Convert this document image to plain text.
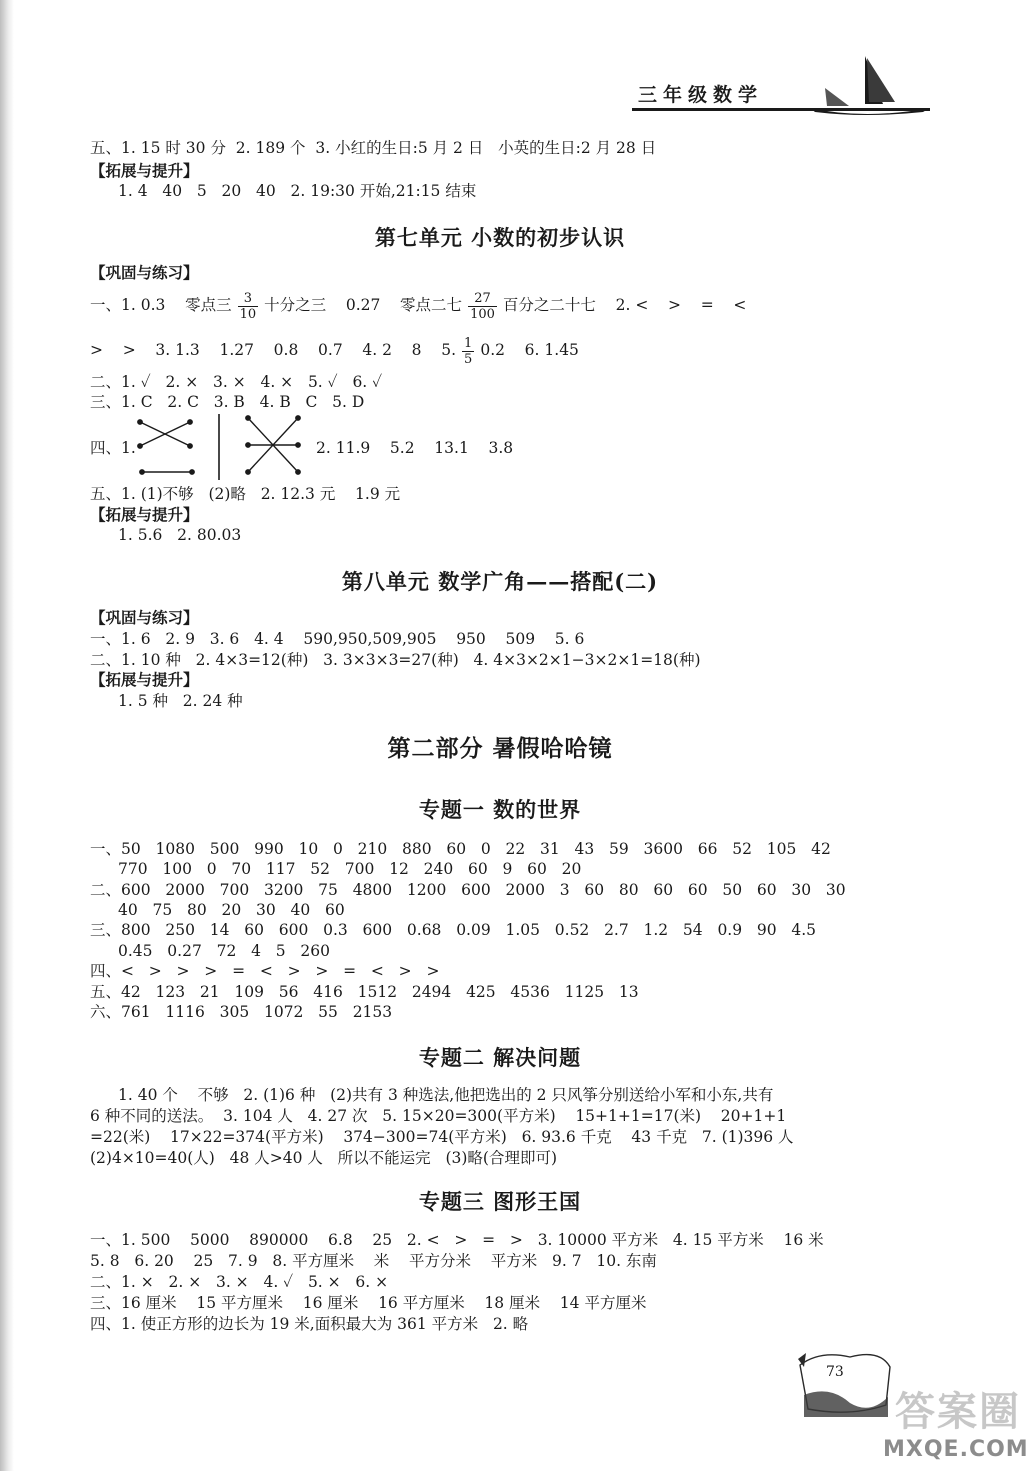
三年级数学
五、1. 15 时 30 分  2. 189 个  3. 小红的生日:5 月 2 日   小英的生日:2 月 28 日
【拓展与提升】
1. 4   40   5   20   40   2. 19:30 开始,21:15 结束
第七单元 小数的初步认识
【巩固与练习】
一、1. 0.3    零点三 $\frac{3}{10}$ 十分之三    0.27    零点二七 $\frac{27}{100}$ 百分之二十七    2. <    >    =    <
>    >    3. 1.3    1.27    0.8    0.7    4. 2    8    5. $\frac{1}{5} 0.2$    6. 1.45
二、1. ✓   2. ×   3. ×   4. ×   5. ✓   6. ✓
三、1. C   2. C   3. B   4. B   C   5. D
四、1.	2. 11.9    5.2    13.1    3.8
五、1. (1)不够   (2)略   2. 12.3 元    1.9 元
【拓展与提升】
1. 5.6   2. 80.03
第八单元 数学广角——搭配(二)
【巩固与练习】
一、1. 6   2. 9   3. 6   4. 4    590,950,509,905    950    509    5. 6
二、1. 10 种   2. 4×3=12(种)   3. 3×3×3=27(种)   4. 4×3×2×1−3×2×1=18(种)
【拓展与提升】
1. 5 种   2. 24 种
第二部分 暑假哈哈镜
专题一 数的世界
一、50   1080   500   990   10   0   210   880   60   0   22   31   43   59   3600   66   52   105   42
770   100   0   70   117   52   700   12   240   60   9   60   20
二、600   2000   700   3200   75   4800   1200   600   2000   3   60   80   60   60   50   60   30   30
40   75   80   20   30   40   60
三、800   250   14   60   600   0.3   600   0.68   0.09   1.05   0.52   2.7   1.2   54   0.9   90   4.5
0.45   0.27   72   4   5   260
四、<   >   >   >   =   <   >   >   =   <   >   >
五、42   123   21   109   56   416   1512   2494   425   4536   1125   13
六、761   1116   305   1072   55   2153
专题二 解决问题
1. 40 个    不够   2. (1)6 种   (2)共有 3 种选法,他把选出的 2 只风筝分别送给小军和小东,共有
6 种不同的送法。  3. 104 人   4. 27 次   5. 15×20=300(平方米)    15+1+1=17(米)    20+1+1
=22(米)    17×22=374(平方米)    374−300=74(平方米)   6. 93.6 千克    43 千克   7. (1)396 人
(2)4×10=40(人)   48 人>40 人   所以不能运完   (3)略(合理即可)
专题三 图形王国
一、1. 500    5000    890000    6.8    25   2. <   >   =   >   3. 10000 平方米   4. 15 平方米    16 米
5. 8   6. 20    25   7. 9   8. 平方厘米    米    平方分米    平方米   9. 7   10. 东南
二、1. ×   2. ×   3. ×   4. ✓   5. ×   6. ×
三、16 厘米    15 平方厘米    16 厘米    16 平方厘米    18 厘米    14 平方厘米
四、1. 使正方形的边长为 19 米,面积最大为 361 平方米   2. 略
73
答案圈
MXQE.COM
